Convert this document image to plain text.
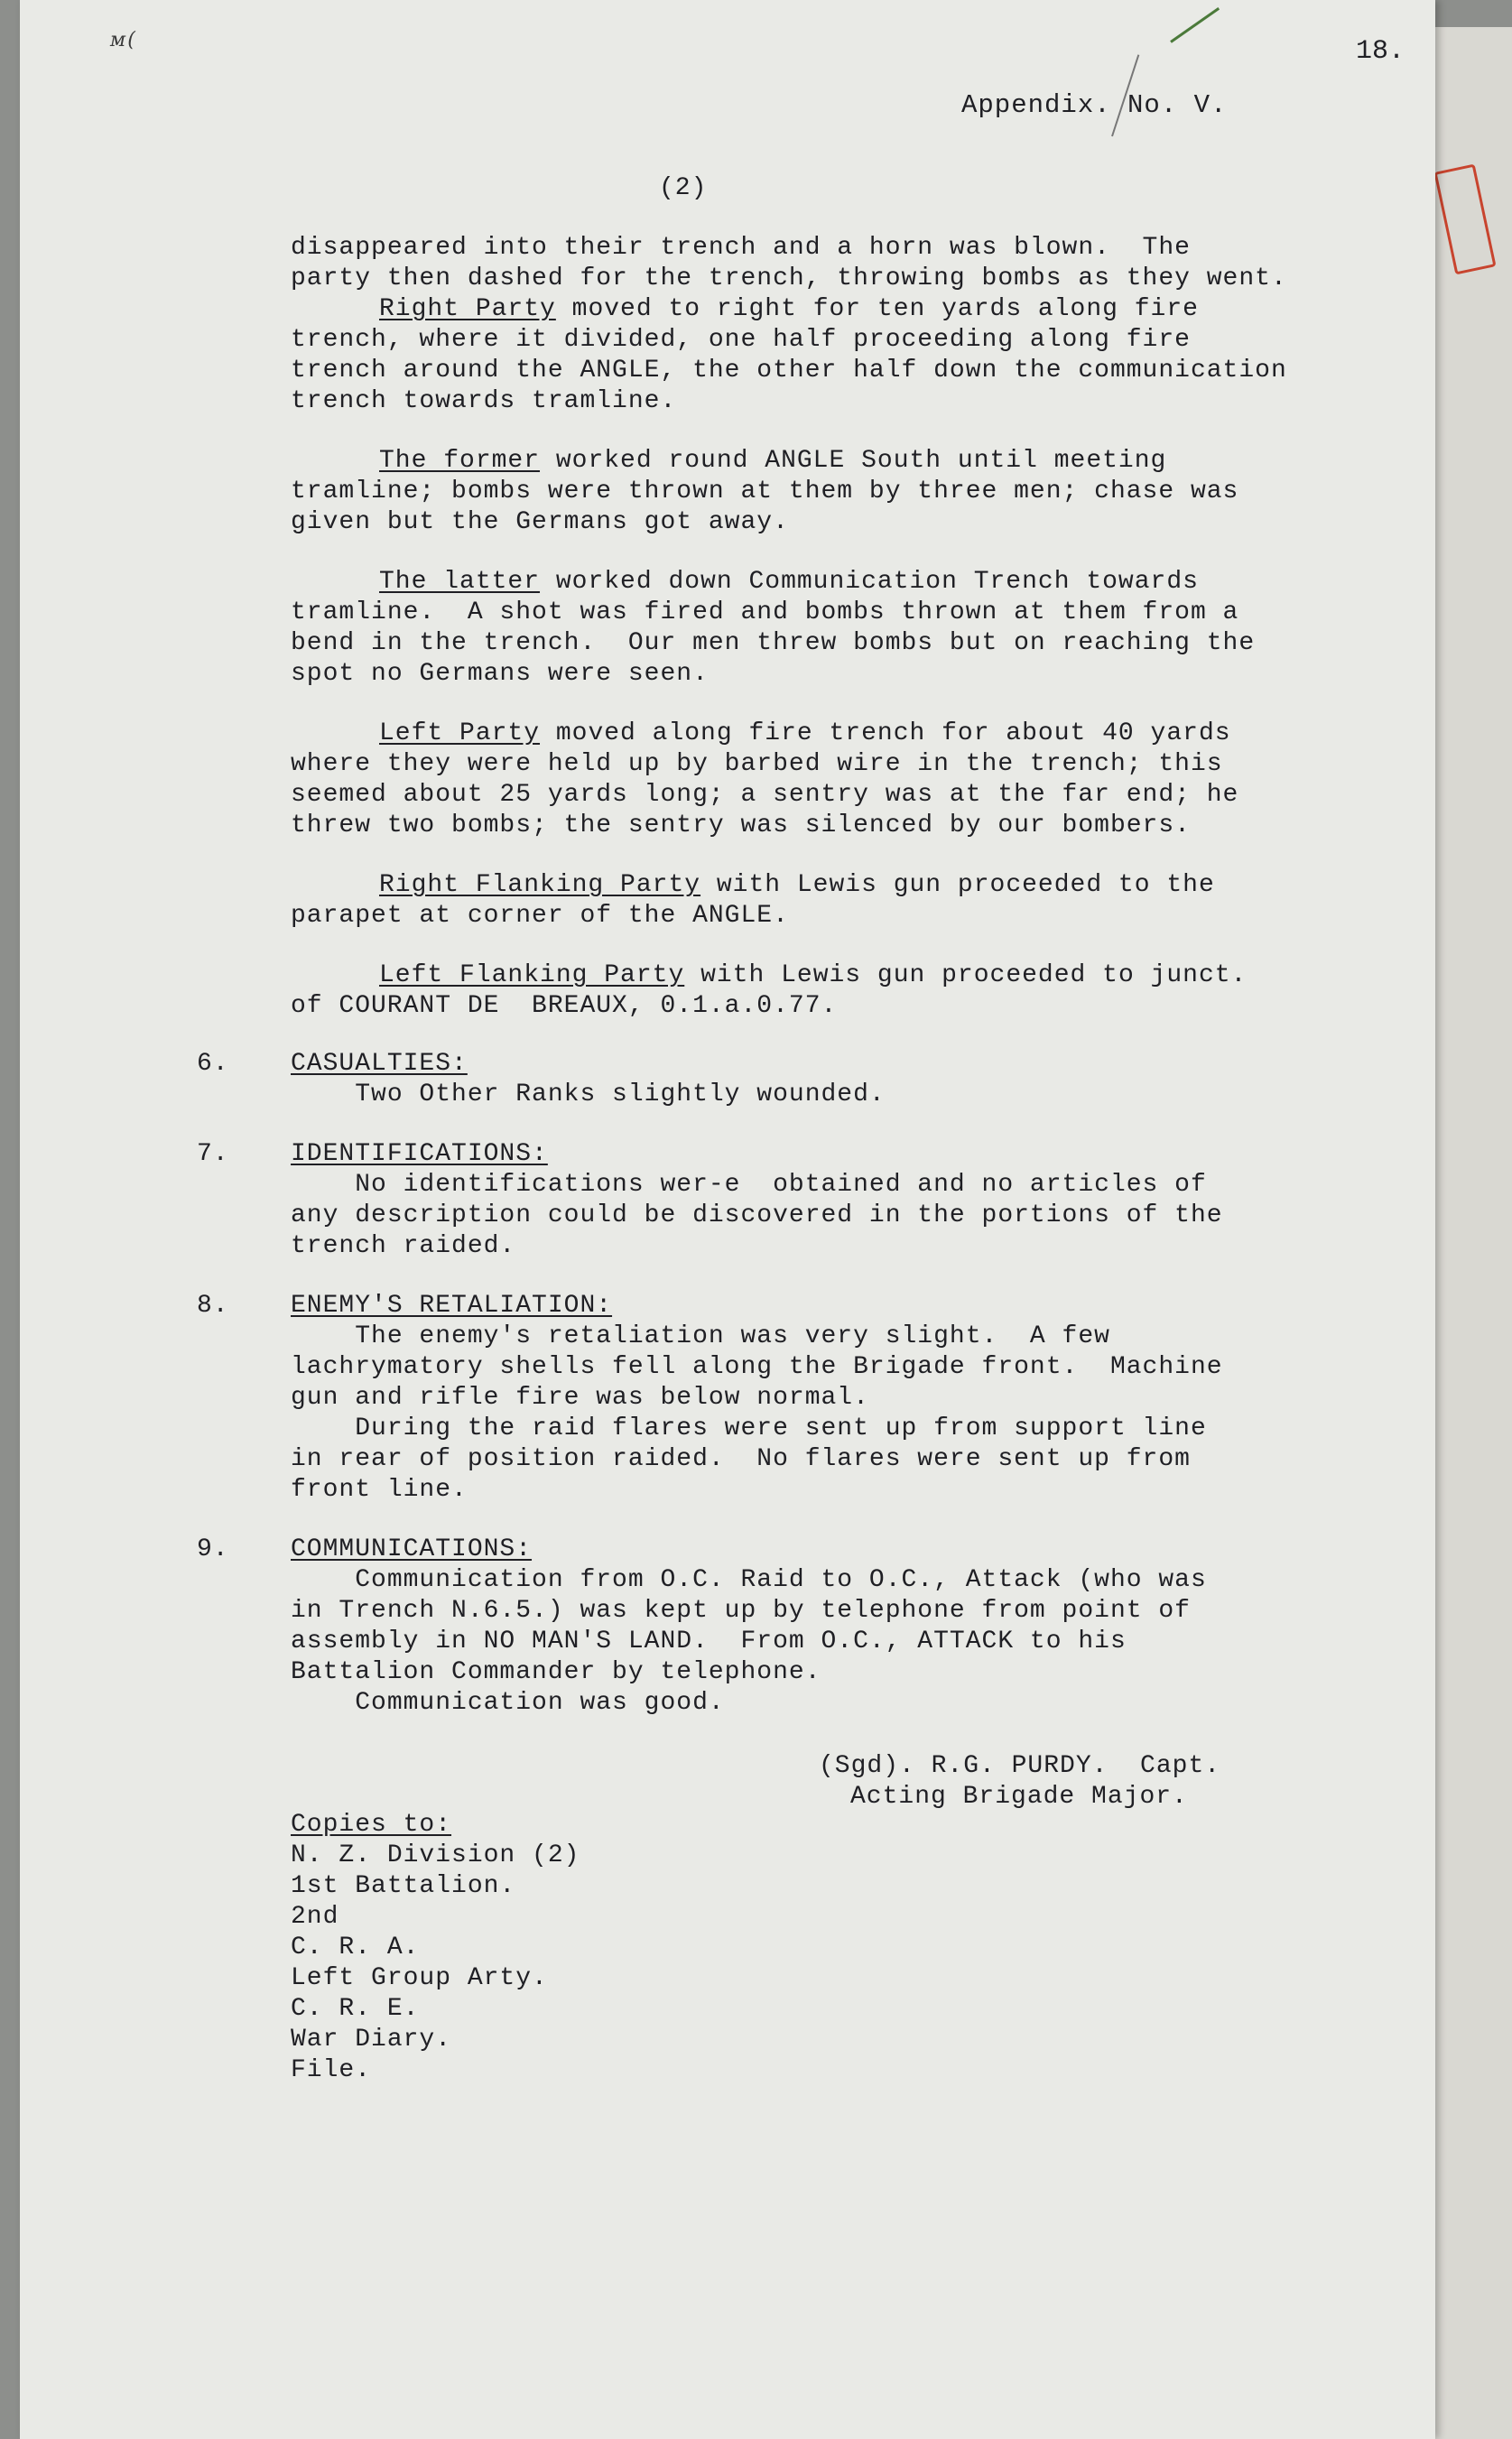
ᴍ (	18.
Appendix. No. V.
(2)
disappeared into their trench and a horn was blown.  The
party then dashed for the trench, throwing bombs as they went.
Right Party moved to right for ten yards along fire
trench, where it divided, one half proceeding along fire
trench around the ANGLE, the other half down the communication
trench towards tramline.
The former worked round ANGLE South until meeting
tramline; bombs were thrown at them by three men; chase was
given but the Germans got away.
The latter worked down Communication Trench towards
tramline.  A shot was fired and bombs thrown at them from a
bend in the trench.  Our men threw bombs but on reaching the
spot no Germans were seen.
Left Party moved along fire trench for about 40 yards
where they were held up by barbed wire in the trench; this
seemed about 25 yards long; a sentry was at the far end; he
threw two bombs; the sentry was silenced by our bombers.
Right Flanking Party with Lewis gun proceeded to the
parapet at corner of the ANGLE.
Left Flanking Party with Lewis gun proceeded to junct.
of COURANT DE  BREAUX, 0.1.a.0.77.
6. CASUALTIES:
Two Other Ranks slightly wounded.
7. IDENTIFICATIONS:
No identifications wer-e  obtained and no articles of
any description could be discovered in the portions of the
trench raided.
8. ENEMY'S RETALIATION:
The enemy's retaliation was very slight.  A few
lachrymatory shells fell along the Brigade front.  Machine
gun and rifle fire was below normal.
During the raid flares were sent up from support line
in rear of position raided.  No flares were sent up from
front line.
9. COMMUNICATIONS:
Communication from O.C. Raid to O.C., Attack (who was
in Trench N.6.5.) was kept up by telephone from point of
assembly in NO MAN'S LAND.  From O.C., ATTACK to his
Battalion Commander by telephone.
Communication was good.
(Sgd). R.G. PURDY.  Capt.
Acting Brigade Major.
Copies to:
N. Z. Division (2)
1st Battalion.
2nd
C. R. A.
Left Group Arty.
C. R. E.
War Diary.
File.
